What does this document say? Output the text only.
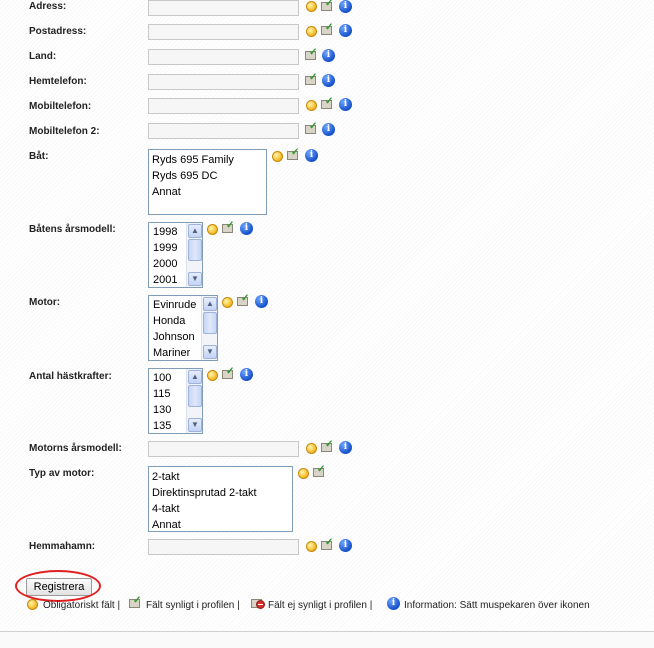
Adress:	✓	i
Postadress:	✓	i
Land:	✓	i
Hemtelefon:	✓	i
Mobiltelefon:	✓	i
Mobiltelefon 2:	✓	i
Båt:	Ryds 695 Family
Ryds 695 DC
Annat
✓	i
Båtens årsmodell:	1998
1999
2000
2001
▲
▼
✓	i
Motor:	Evinrude
Honda
Johnson
Mariner
▲
▼
✓	i
Antal hästkrafter:	100
115
130
135
▲
▼
✓	i
Motorns årsmodell:	✓	i
Typ av motor:	2-takt
Direktinsprutad 2-takt
4-takt
Annat
✓
Hemmahamn:	✓	i
Registrera
Obligatoriskt fält | ✓ Fält synligt i profilen |	Fält ej synligt i profilen |	i Information: Sätt muspekaren över ikonen
